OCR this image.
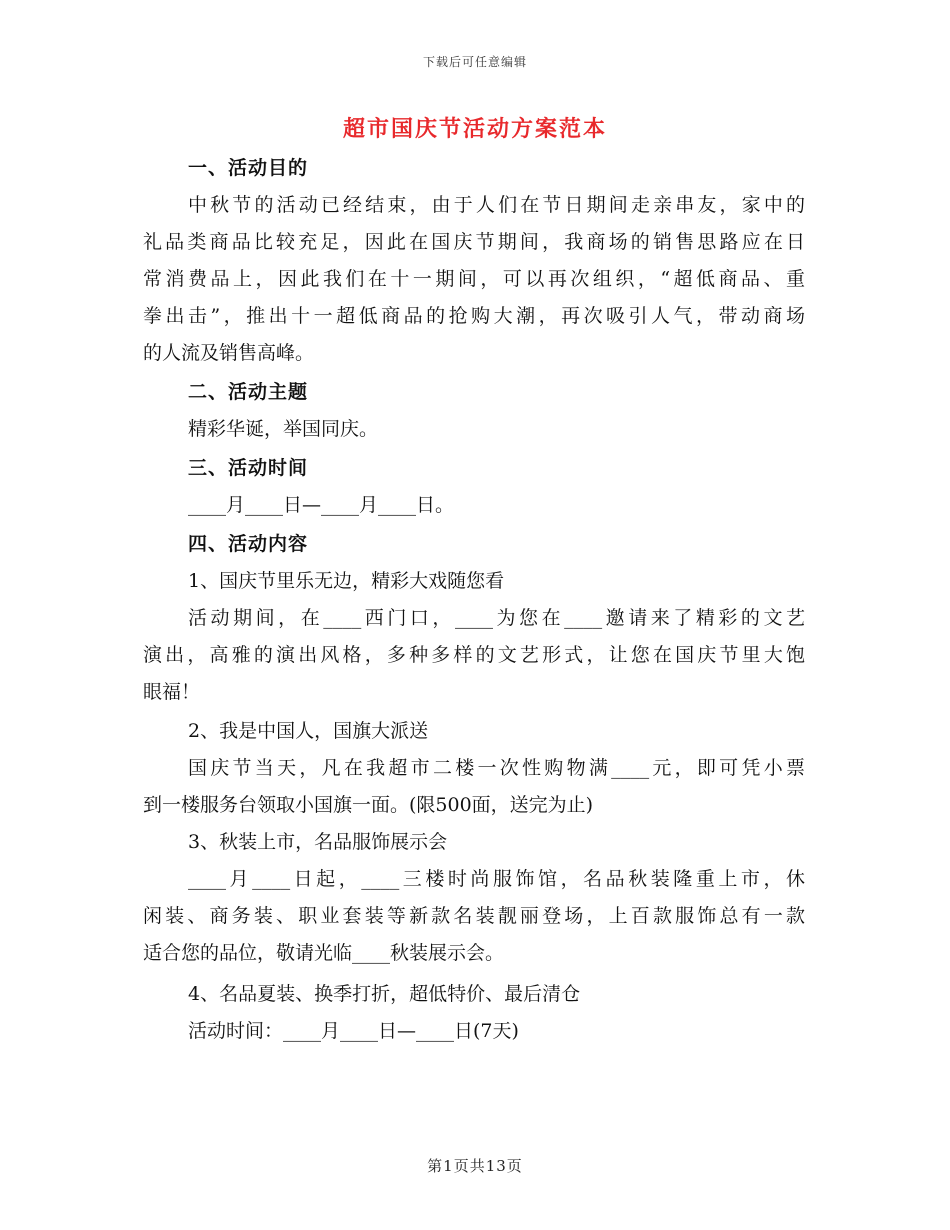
下载后可任意编辑
超市国庆节活动方案范本
一、活动目的
中秋节的活动已经结束，由于人们在节日期间走亲串友，家中的
礼品类商品比较充足，因此在国庆节期间，我商场的销售思路应在日
常消费品上，因此我们在十一期间，可以再次组织，“超低商品、重
拳出击”，推出十一超低商品的抢购大潮，再次吸引人气，带动商场
的人流及销售高峰。
二、活动主题
精彩华诞，举国同庆。
三、活动时间
____月____日—____月____日。
四、活动内容
1、国庆节里乐无边，精彩大戏随您看
活动期间，在____西门口，____为您在____邀请来了精彩的文艺
演出，高雅的演出风格，多种多样的文艺形式，让您在国庆节里大饱
眼福！
2、我是中国人，国旗大派送
国庆节当天，凡在我超市二楼一次性购物满____元，即可凭小票
到一楼服务台领取小国旗一面。(限500面，送完为止)
3、秋装上市，名品服饰展示会
____月____日起，____三楼时尚服饰馆，名品秋装隆重上市，休
闲装、商务装、职业套装等新款名装靓丽登场，上百款服饰总有一款
适合您的品位，敬请光临____秋装展示会。
4、名品夏装、换季打折，超低特价、最后清仓
活动时间：____月____日—____日(7天)
第1页共13页
